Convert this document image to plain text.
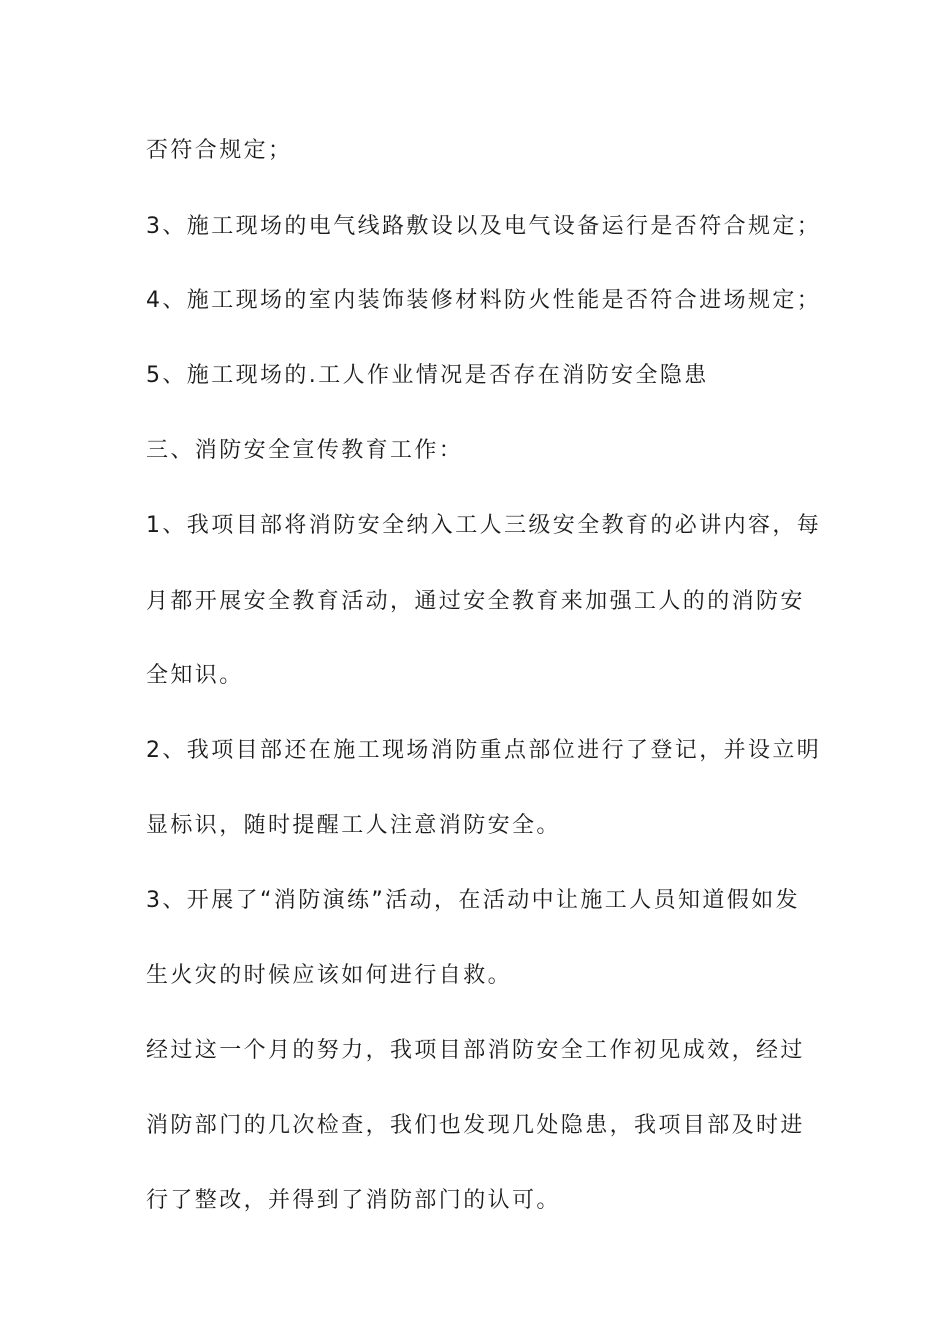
否符合规定；
3、施工现场的电气线路敷设以及电气设备运行是否符合规定；
4、施工现场的室内装饰装修材料防火性能是否符合进场规定；
5、施工现场的.工人作业情况是否存在消防安全隐患
三、消防安全宣传教育工作：
1、我项目部将消防安全纳入工人三级安全教育的必讲内容，每
月都开展安全教育活动，通过安全教育来加强工人的的消防安
全知识。
2、我项目部还在施工现场消防重点部位进行了登记，并设立明
显标识，随时提醒工人注意消防安全。
3、开展了“消防演练”活动，在活动中让施工人员知道假如发
生火灾的时候应该如何进行自救。
经过这一个月的努力，我项目部消防安全工作初见成效，经过
消防部门的几次检查，我们也发现几处隐患，我项目部及时进
行了整改，并得到了消防部门的认可。
